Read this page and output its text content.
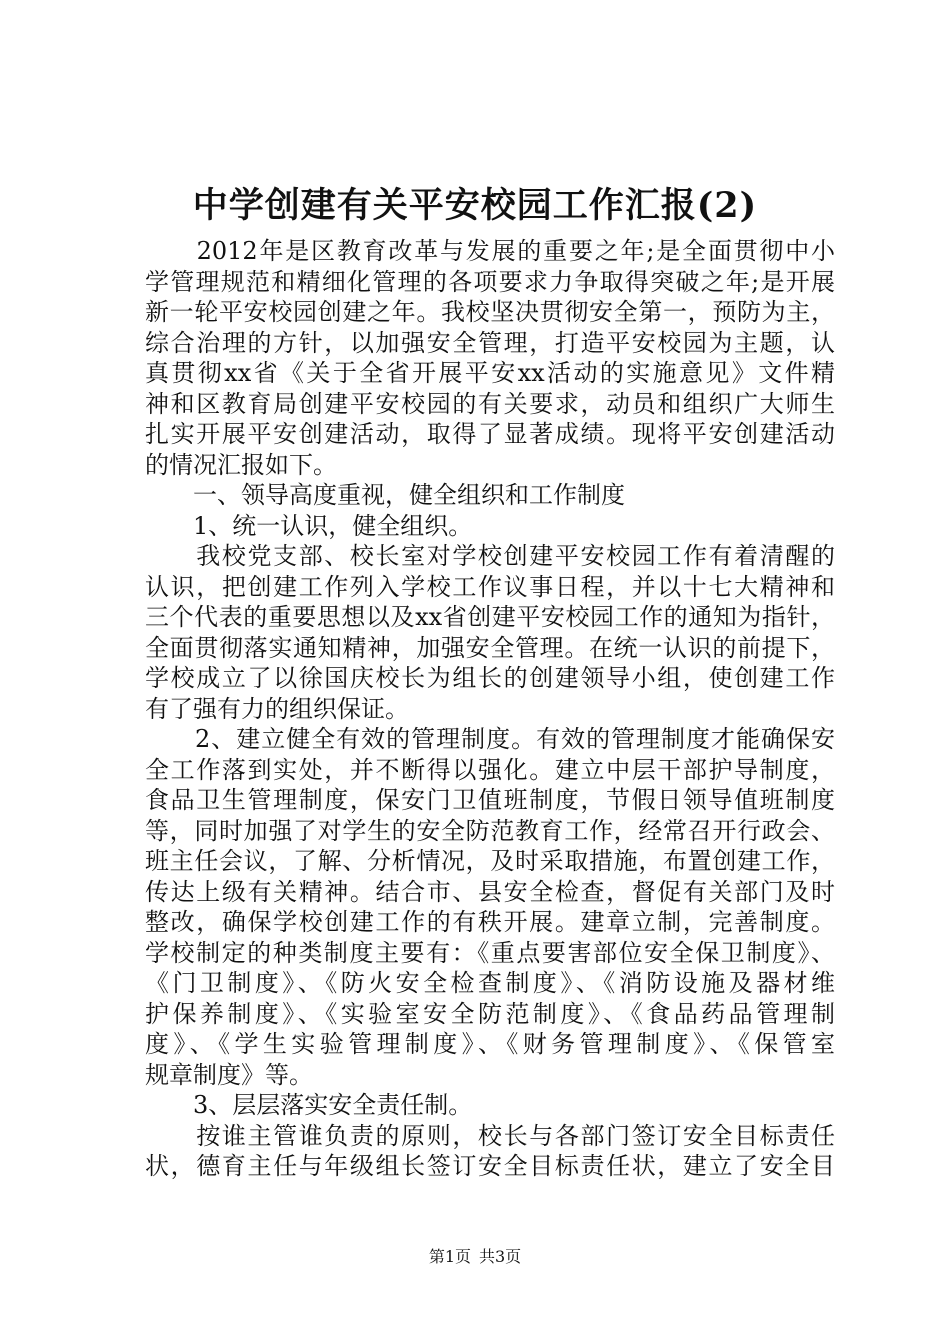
中学创建有关平安校园工作汇报(2)
　　2012年是区教育改革与发展的重要之年;是全面贯彻中小
学管理规范和精细化管理的各项要求力争取得突破之年;是开展
新一轮平安校园创建之年。我校坚决贯彻安全第一，预防为主，
综合治理的方针，以加强安全管理，打造平安校园为主题，认
真贯彻xx省《关于全省开展平安xx活动的实施意见》文件精
神和区教育局创建平安校园的有关要求，动员和组织广大师生
扎实开展平安创建活动，取得了显著成绩。现将平安创建活动
的情况汇报如下。
　　一、领导高度重视，健全组织和工作制度
　　1、统一认识，健全组织。
　　我校党支部、校长室对学校创建平安校园工作有着清醒的
认识，把创建工作列入学校工作议事日程，并以十七大精神和
三个代表的重要思想以及xx省创建平安校园工作的通知为指针，
全面贯彻落实通知精神，加强安全管理。在统一认识的前提下，
学校成立了以徐国庆校长为组长的创建领导小组，使创建工作
有了强有力的组织保证。
　　2、建立健全有效的管理制度。有效的管理制度才能确保安
全工作落到实处，并不断得以强化。建立中层干部护导制度，
食品卫生管理制度，保安门卫值班制度，节假日领导值班制度
等，同时加强了对学生的安全防范教育工作，经常召开行政会、
班主任会议，了解、分析情况，及时采取措施，布置创建工作，
传达上级有关精神。结合市、县安全检查，督促有关部门及时
整改，确保学校创建工作的有秩开展。建章立制，完善制度。
学校制定的种类制度主要有：《重点要害部位安全保卫制度》、
《门卫制度》、《防火安全检查制度》、《消防设施及器材维
护保养制度》、《实验室安全防范制度》、《食品药品管理制
度》、《学生实验管理制度》、《财务管理制度》、《保管室
规章制度》等。
　　3、层层落实安全责任制。
　　按谁主管谁负责的原则，校长与各部门签订安全目标责任
状，德育主任与年级组长签订安全目标责任状，建立了安全目
第1页 共3页
